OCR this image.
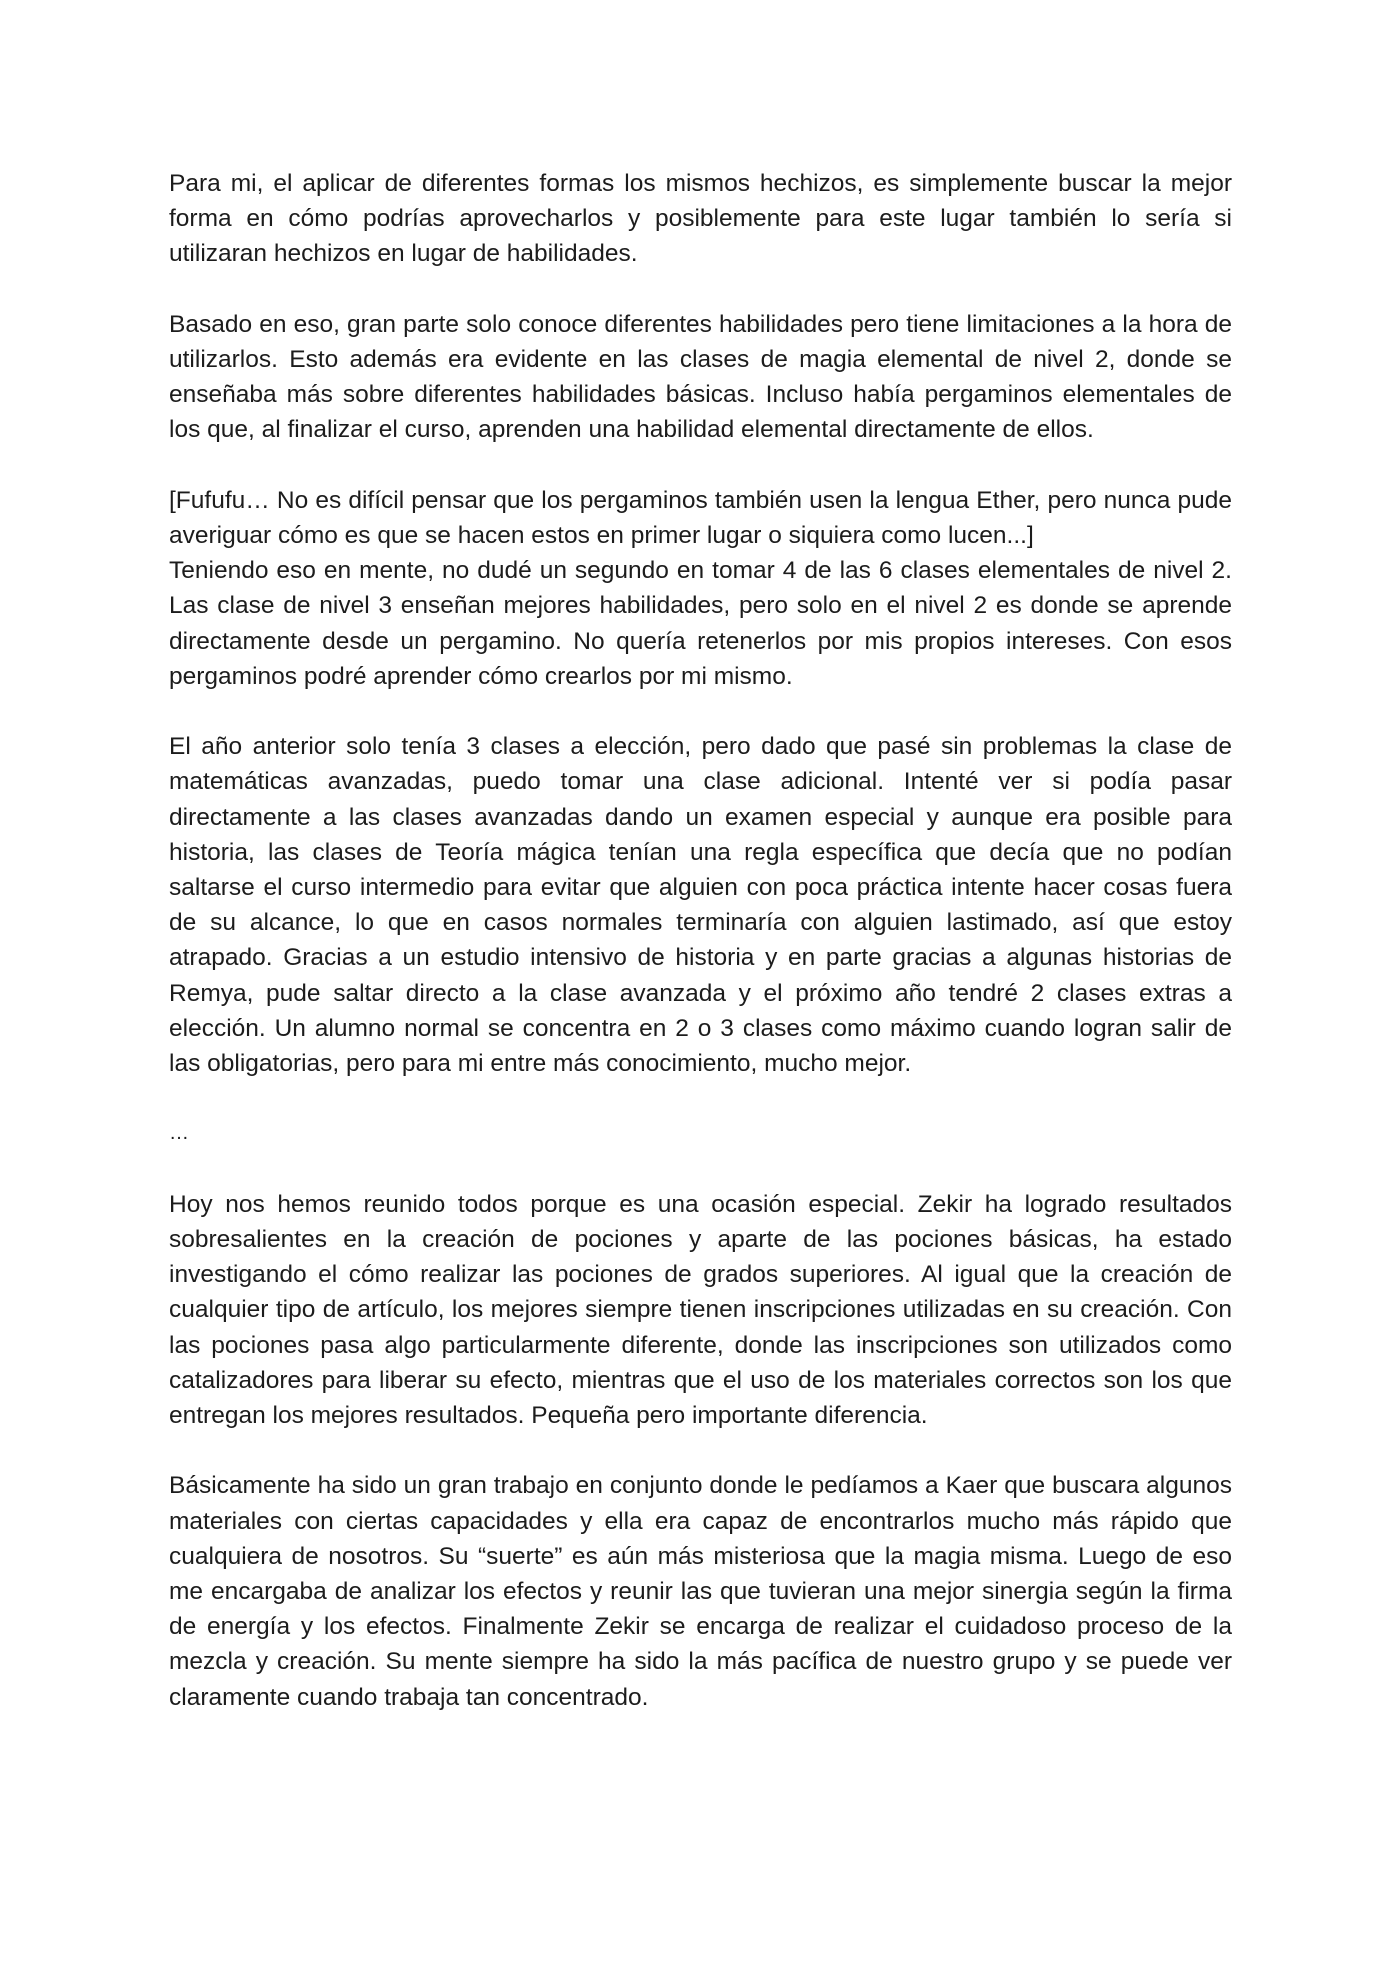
Para mi, el aplicar de diferentes formas los mismos hechizos, es simplemente buscar la mejor forma en cómo podrías aprovecharlos y posiblemente para este lugar también lo sería si utilizaran hechizos en lugar de habilidades.

Basado en eso, gran parte solo conoce diferentes habilidades pero tiene limitaciones a la hora de utilizarlos. Esto además era evidente en las clases de magia elemental de nivel 2, donde se enseñaba más sobre diferentes habilidades básicas. Incluso había pergaminos elementales de los que, al finalizar el curso, aprenden una habilidad elemental directamente de ellos.

[Fufufu… No es difícil pensar que los pergaminos también usen la lengua Ether, pero nunca pude averiguar cómo es que se hacen estos en primer lugar o siquiera como lucen...]
Teniendo eso en mente, no dudé un segundo en tomar 4 de las 6 clases elementales de nivel 2. Las clase de nivel 3 enseñan mejores habilidades, pero solo en el nivel 2 es donde se aprende directamente desde un pergamino. No quería retenerlos por mis propios intereses. Con esos pergaminos podré aprender cómo crearlos por mi mismo.

El año anterior solo tenía 3 clases a elección, pero dado que pasé sin problemas la clase de matemáticas avanzadas, puedo tomar una clase adicional. Intenté ver si podía pasar directamente a las clases avanzadas dando un examen especial y aunque era posible para historia, las clases de Teoría mágica tenían una regla específica que decía que no podían saltarse el curso intermedio para evitar que alguien con poca práctica intente hacer cosas fuera de su alcance, lo que en casos normales terminaría con alguien lastimado, así que estoy atrapado. Gracias a un estudio intensivo de historia y en parte gracias a algunas historias de Remya, pude saltar directo a la clase avanzada y el próximo año tendré 2 clases extras a elección. Un alumno normal se concentra en 2 o 3 clases como máximo cuando logran salir de las obligatorias, pero para mi entre más conocimiento, mucho mejor.

…

Hoy nos hemos reunido todos porque es una ocasión especial. Zekir ha logrado resultados sobresalientes en la creación de pociones y aparte de las pociones básicas, ha estado investigando el cómo realizar las pociones de grados superiores. Al igual que la creación de cualquier tipo de artículo, los mejores siempre tienen inscripciones utilizadas en su creación. Con las pociones pasa algo particularmente diferente, donde las inscripciones son utilizados como catalizadores para liberar su efecto, mientras que el uso de los materiales correctos son los que entregan los mejores resultados. Pequeña pero importante diferencia.

Básicamente ha sido un gran trabajo en conjunto donde le pedíamos a Kaer que buscara algunos materiales con ciertas capacidades y ella era capaz de encontrarlos mucho más rápido que cualquiera de nosotros. Su “suerte” es aún más misteriosa que la magia misma. Luego de eso me encargaba de analizar los efectos y reunir las que tuvieran una mejor sinergia según la firma de energía y los efectos. Finalmente Zekir se encarga de realizar el cuidadoso proceso de la mezcla y creación. Su mente siempre ha sido la más pacífica de nuestro grupo y se puede ver claramente cuando trabaja tan concentrado.
